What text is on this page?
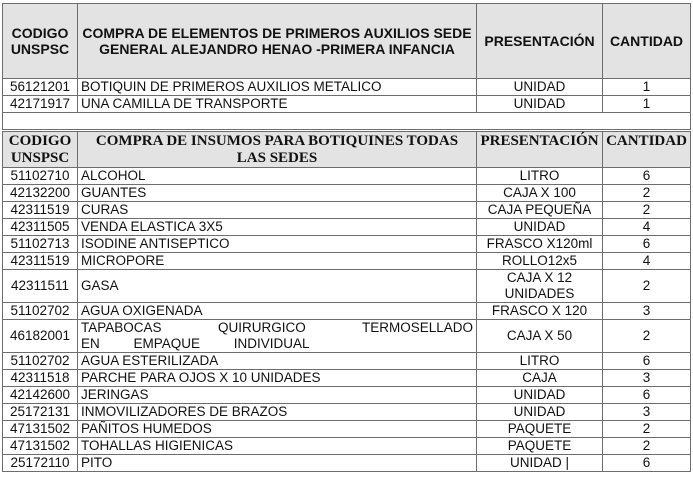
CODIGO UNSPSC	COMPRA DE ELEMENTOS DE PRIMEROS AUXILIOS SEDE GENERAL ALEJANDRO HENAO -PRIMERA INFANCIA	PRESENTACIÓN	CANTIDAD
56121201	BOTIQUIN DE PRIMEROS AUXILIOS METALICO	UNIDAD	1
42171917	UNA CAMILLA DE TRANSPORTE	UNIDAD	1

CODIGO UNSPSC	COMPRA DE INSUMOS PARA BOTIQUINES TODAS LAS SEDES	PRESENTACIÓN	CANTIDAD
51102710	ALCOHOL	LITRO	6
42132200	GUANTES	CAJA X 100	2
42311519	CURAS	CAJA PEQUEÑA	2
42311505	VENDA ELASTICA 3X5	UNIDAD	4
51102713	ISODINE ANTISEPTICO	FRASCO X120ml	6
42311519	MICROPORE	ROLLO12x5	4
42311511	GASA	CAJA X 12 UNIDADES	2
51102702	AGUA OXIGENADA	FRASCO X 120	3
46182001	TAPABOCAS QUIRURGICO TERMOSELLADO EN EMPAQUE INDIVIDUAL	CAJA X 50	2
51102702	AGUA ESTERILIZADA	LITRO	6
42311518	PARCHE PARA OJOS X 10 UNIDADES	CAJA	3
42142600	JERINGAS	UNIDAD	6
25172131	INMOVILIZADORES DE BRAZOS	UNIDAD	3
47131502	PAÑITOS HUMEDOS	PAQUETE	2
47131502	TOHALLAS HIGIENICAS	PAQUETE	2
25172110	PITO	UNIDAD |	6
